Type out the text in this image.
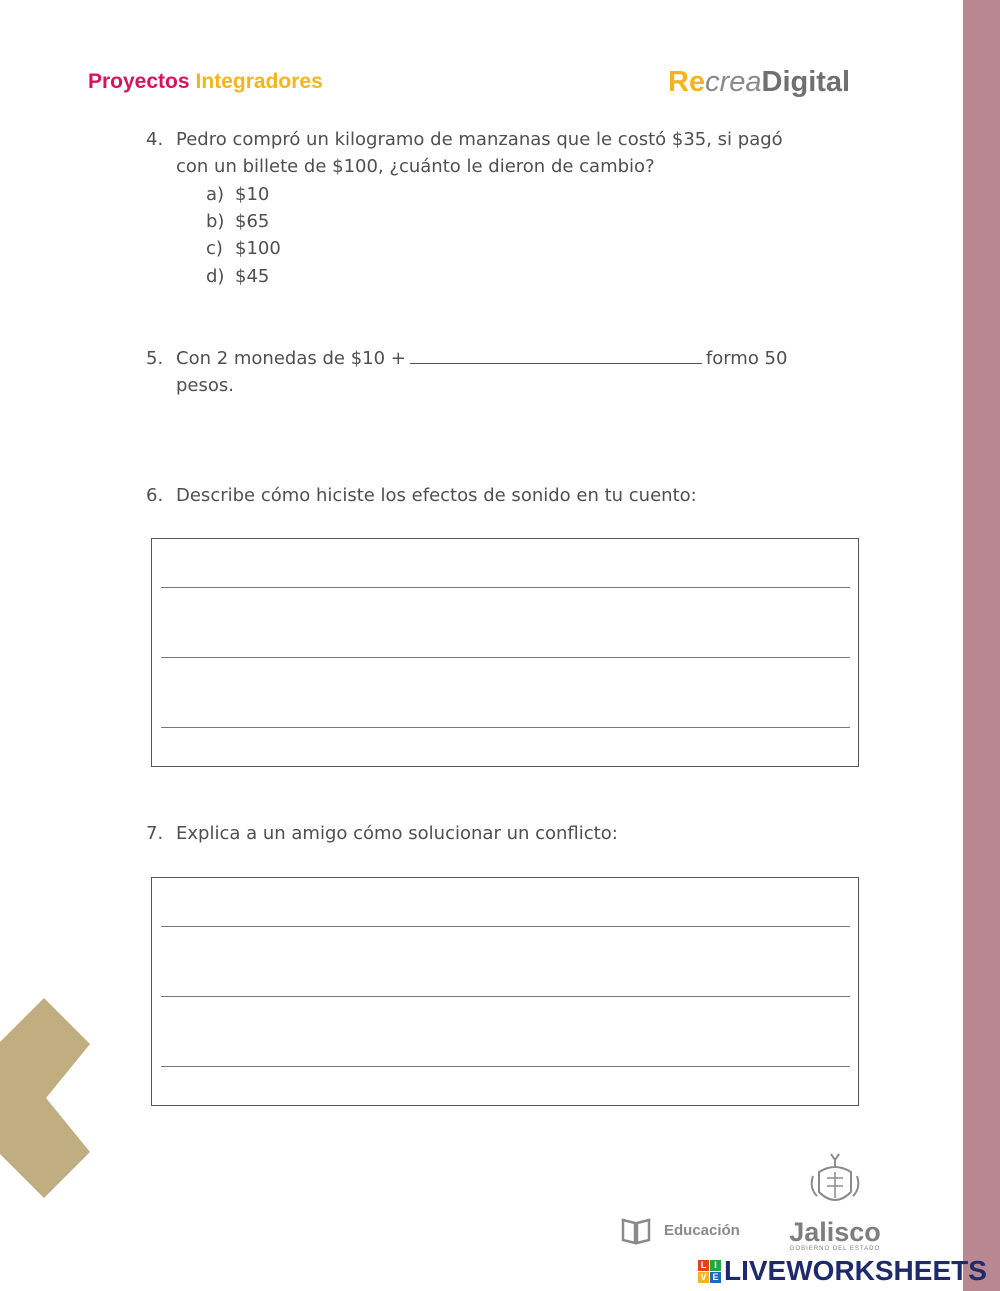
Proyectos Integradores	RecreaDigital
4. Pedro compró un kilogramo de manzanas que le costó $35, si pagó
con un billete de $100, ¿cuánto le dieron de cambio?
a) $10
b) $65
c) $100
d) $45
5. Con 2 monedas de $10 +	formo 50
pesos.
6. Describe cómo hiciste los efectos de sonido en tu cuento:
7. Explica a un amigo cómo solucionar un conflicto:
Educación Jalisco
GOBIERNO DEL ESTADO
L I
V E LIVEWORKSHEETS
